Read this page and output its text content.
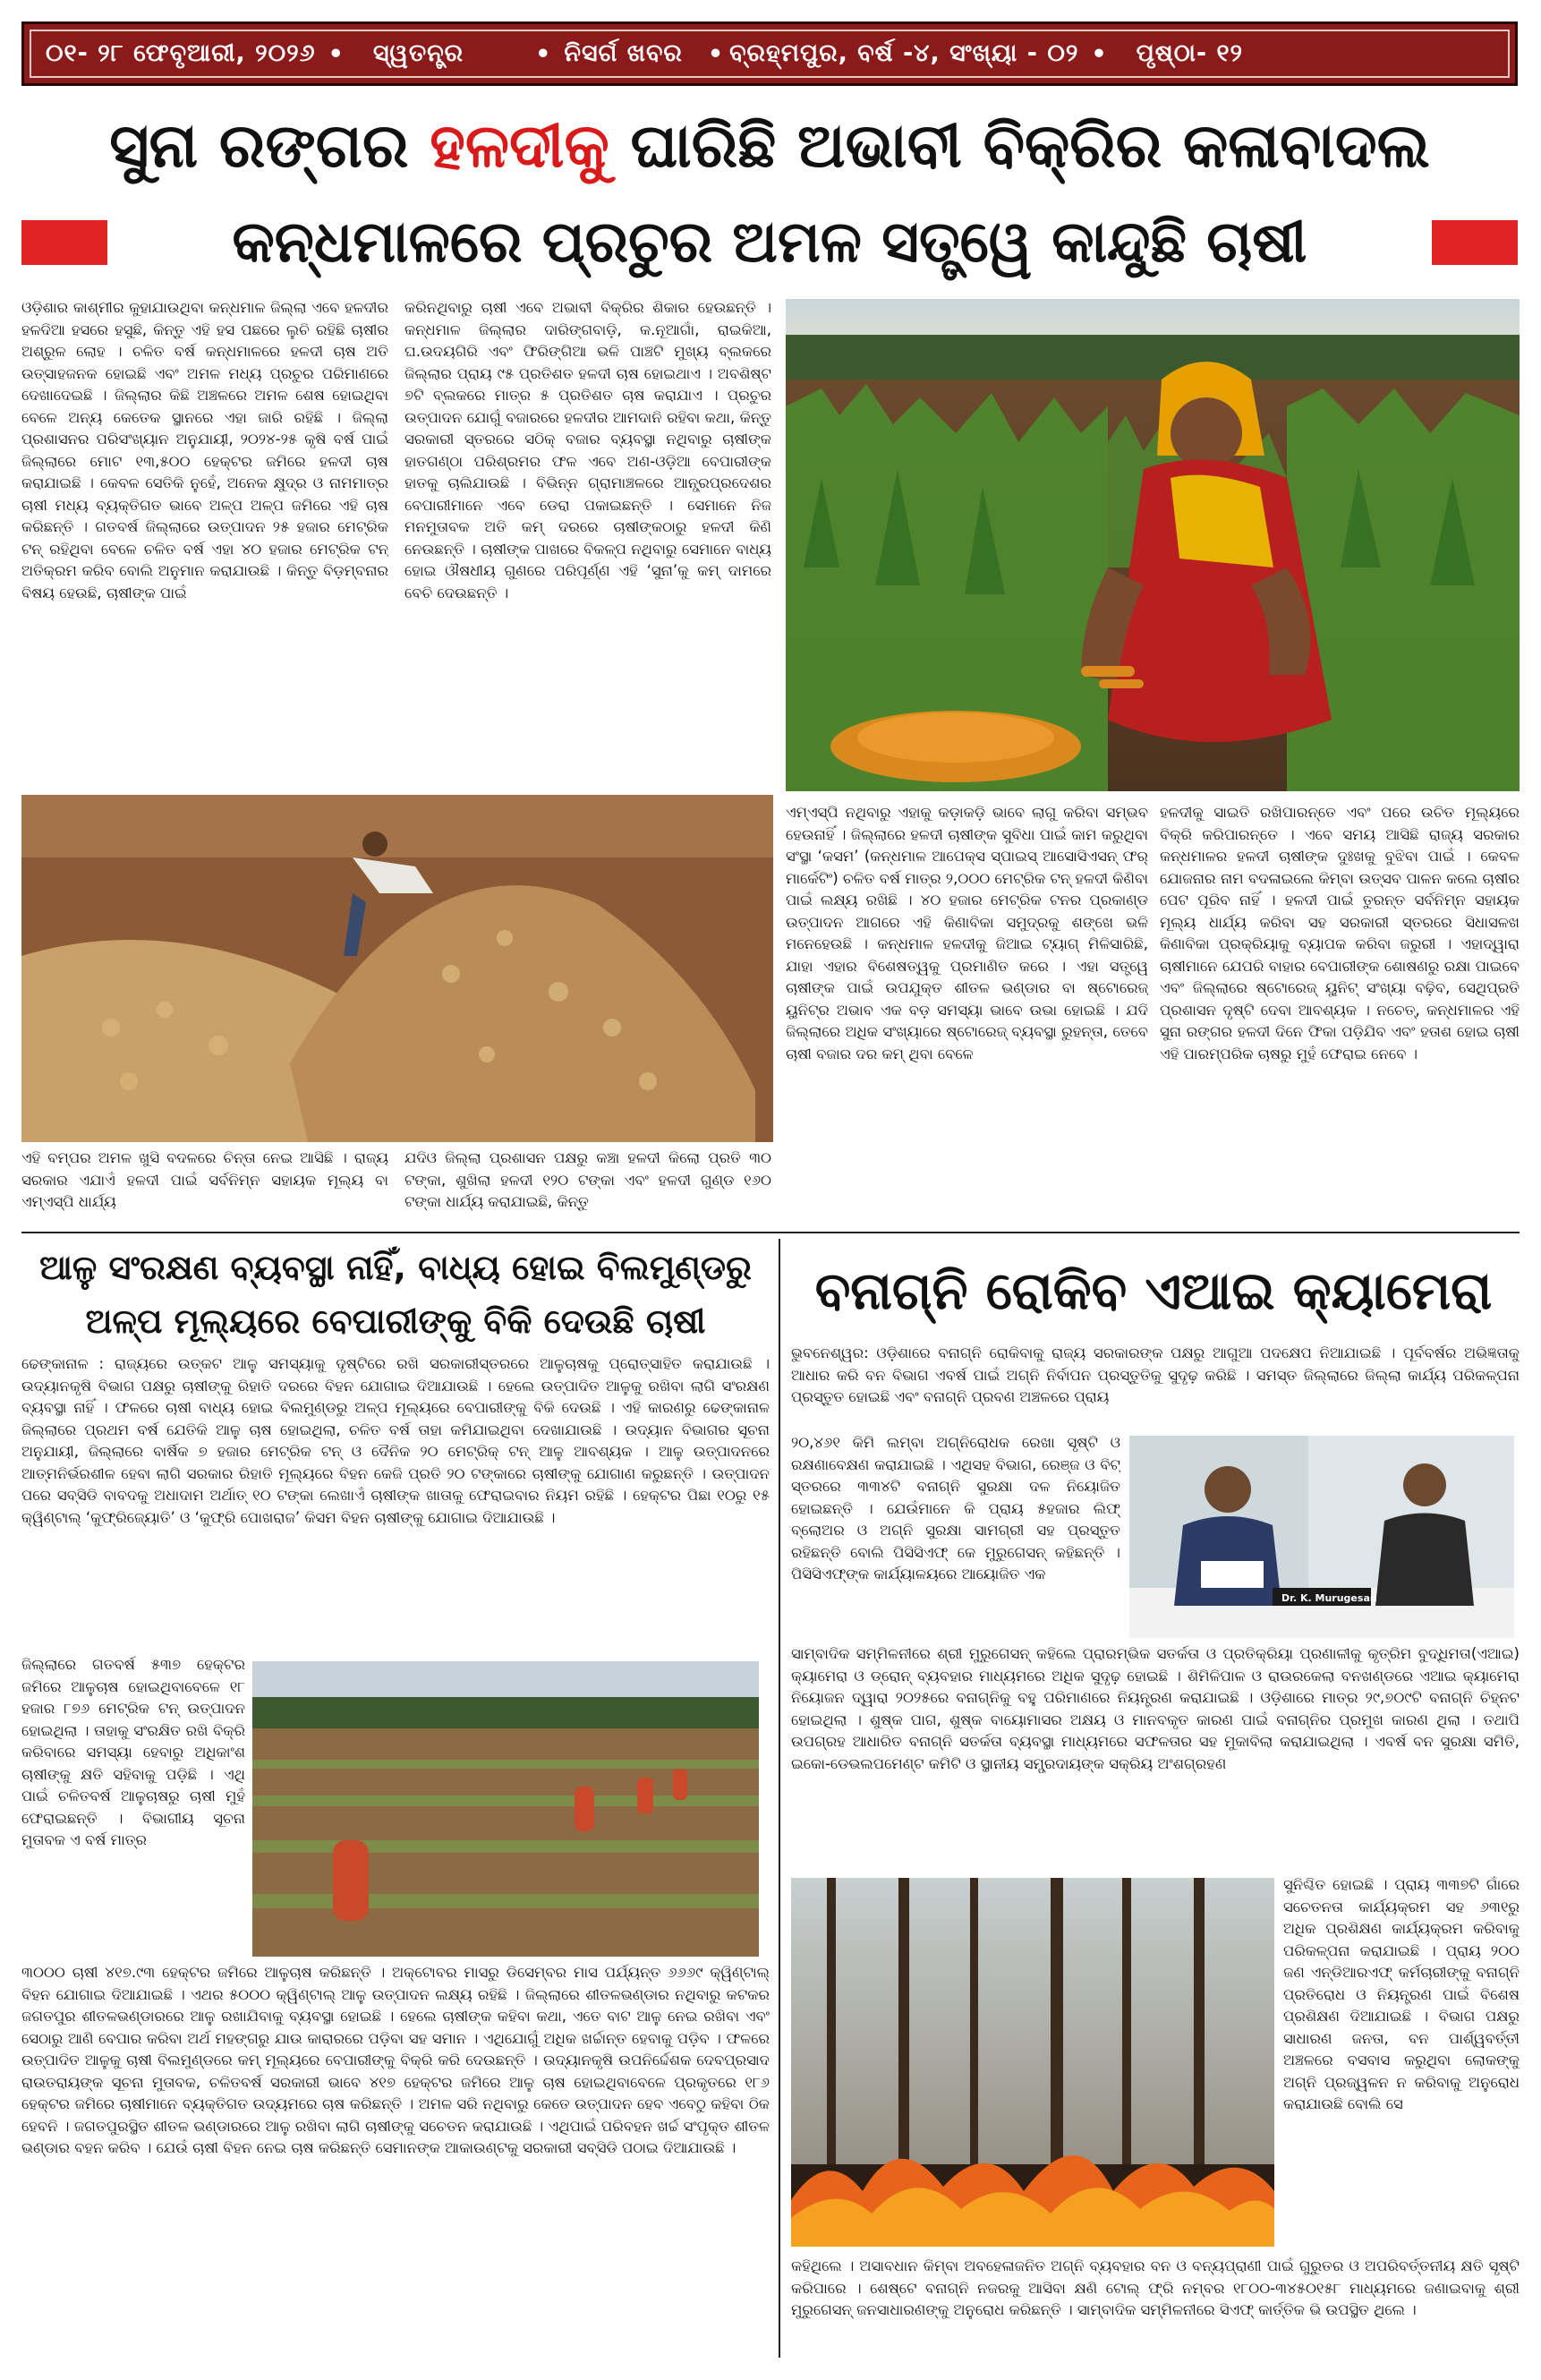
୦୧- ୨୮ ଫେବୃଆରୀ, ୨୦୨୬ • ସ୍ୱତନ୍ତ୍ର	• ନିସର୍ଗ ଖବର • ବ୍ରହ୍ମପୁର, ବର୍ଷ -୪, ସଂଖ୍ୟା - ୦୨ • ପୃଷ୍ଠା- ୧୨
ସୁନା ରଙ୍ଗର ହଳଦୀକୁ ଘାରିଛି ଅଭାବୀ ବିକ୍ରିର କଳାବାଦଲ
କନ୍ଧମାଳରେ ପ୍ରଚୁର ଅମଳ ସତ୍ତ୍ୱେ କାନ୍ଦୁଛି ଚାଷୀ
ଓଡ଼ିଶାର କାଶ୍ମୀର କୁହାଯାଉଥିବା କନ୍ଧମାଳ ଜିଲ୍ଲା ଏବେ ହଳଦୀର ହଳଦିଆ ହସରେ ହସୁଛି, କିନ୍ତୁ ଏହି ହସ ପଛରେ ଲୁଚି ରହିଛି ଚାଷୀର ଅଶ୍ରୁଳ ଲୋହ । ଚଳିତ ବର୍ଷ କନ୍ଧମାଳରେ ହଳଦୀ ଚାଷ ଅତି ଉତ୍ସାହଜନକ ହୋଇଛି ଏବଂ ଅମଳ ମଧ୍ୟ ପ୍ରଚୁର ପରିମାଣରେ ଦେଖାଦେଇଛି । ଜିଲ୍ଲାର କିଛି ଅଞ୍ଚଳରେ ଅମଳ ଶେଷ ହୋଇଥିବା ବେଳେ ଅନ୍ୟ କେତେକ ସ୍ଥାନରେ ଏହା ଜାରି ରହିଛି । ଜିଲ୍ଲା ପ୍ରଶାସନର ପରିସଂଖ୍ୟାନ ଅନୁଯାୟୀ, ୨୦୨୪-୨୫ କୃଷି ବର୍ଷ ପାଇଁ ଜିଲ୍ଲାରେ ମୋଟ ୧୩,୫୦୦ ହେକ୍ଟର ଜମିରେ ହଳଦୀ ଚାଷ କରାଯାଇଛି । କେବଳ ସେତିକି ନୁହେଁ, ଅନେକ କ୍ଷୁଦ୍ର ଓ ନାମମାତ୍ର ଚାଷୀ ମଧ୍ୟ ବ୍ୟକ୍ତିଗତ ଭାବେ ଅଳ୍ପ ଅଳ୍ପ ଜମିରେ ଏହି ଚାଷ କରିଛନ୍ତି । ଗତବର୍ଷ ଜିଲ୍ଲାରେ ଉତ୍ପାଦନ ୨୫ ହଜାର ମେଟ୍ରିକ ଟନ୍ ରହିଥିବା ବେଳେ ଚଳିତ ବର୍ଷ ଏହା ୪୦ ହଜାର ମେଟ୍ରିକ ଟନ୍ ଅତିକ୍ରମ କରିବ ବୋଲି ଅନୁମାନ କରାଯାଉଛି । କିନ୍ତୁ ବିଡ଼ମ୍ବନାର ବିଷୟ ହେଉଛି, ଚାଷୀଙ୍କ ପାଇଁ
କରିନଥିବାରୁ ଚାଷୀ ଏବେ ଅଭାବୀ ବିକ୍ରିର ଶିକାର ହେଉଛନ୍ତି । କନ୍ଧମାଳ ଜିଲ୍ଲାର ଦାରିଙ୍ଗବାଡ଼ି, କ.ନୂଆଗାଁ, ରାଇକିଆ, ଘ.ଉଦୟଗିରି ଏବଂ ଫିରିଙ୍ଗିଆ ଭଳି ପାଞ୍ଚଟି ମୁଖ୍ୟ ବ୍ଲକରେ ଜିଲ୍ଲାର ପ୍ରାୟ ୯୫ ପ୍ରତିଶତ ହଳଦୀ ଚାଷ ହୋଇଥାଏ । ଅବଶିଷ୍ଟ ୭ଟି ବ୍ଲକରେ ମାତ୍ର ୫ ପ୍ରତିଶତ ଚାଷ କରାଯାଏ । ପ୍ରଚୁର ଉତ୍ପାଦନ ଯୋଗୁଁ ବଜାରରେ ହଳଦୀର ଆମଦାନି ରହିବା କଥା, କିନ୍ତୁ ସରକାରୀ ସ୍ତରରେ ସଠିକ୍ ବଜାର ବ୍ୟବସ୍ଥା ନଥିବାରୁ ଚାଷୀଙ୍କ ହାତଗଣ୍ଠା ପରିଶ୍ରମର ଫଳ ଏବେ ଅଣ-ଓଡ଼ିଆ ବେପାରୀଙ୍କ ହାତକୁ ଚାଲିଯାଉଛି । ବିଭିନ୍ନ ଗ୍ରାମାଞ୍ଚଳରେ ଆନ୍ଧ୍ରପ୍ରଦେଶର ବେପାରୀମାନେ ଏବେ ଡେରା ପକାଇଛନ୍ତି । ସେମାନେ ନିଜ ମନମୁତାବକ ଅତି କମ୍ ଦରରେ ଚାଷୀଙ୍କଠାରୁ ହଳଦୀ କିଣି ନେଉଛନ୍ତି । ଚାଷୀଙ୍କ ପାଖରେ ବିକଳ୍ପ ନଥିବାରୁ ସେମାନେ ବାଧ୍ୟ ହୋଇ ଔଷଧୀୟ ଗୁଣରେ ପରିପୂର୍ଣ୍ଣ ଏହି ‘ସୁନା’କୁ କମ୍ ଦାମରେ ବେଚି ଦେଉଛନ୍ତି ।
ଏହି ବମ୍ପର ଅମଳ ଖୁସି ବଦଳରେ ଚିନ୍ତା ନେଇ ଆସିଛି । ରାଜ୍ୟ ସରକାର ଏଯାଏଁ ହଳଦୀ ପାଇଁ ସର୍ବନିମ୍ନ ସହାୟକ ମୂଲ୍ୟ ବା ଏମ୍ଏସ୍ପି ଧାର୍ଯ୍ୟ
ଯଦିଓ ଜିଲ୍ଲା ପ୍ରଶାସନ ପକ୍ଷରୁ କଞ୍ଚା ହଳଦୀ କିଲୋ ପ୍ରତି ୩୦ ଟଙ୍କା, ଶୁଖିଲା ହଳଦୀ ୧୨୦ ଟଙ୍କା ଏବଂ ହଳଦୀ ଗୁଣ୍ଡ ୧୬୦ ଟଙ୍କା ଧାର୍ଯ୍ୟ କରାଯାଇଛି, କିନ୍ତୁ
ଏମ୍ଏସ୍ପି ନଥିବାରୁ ଏହାକୁ କଡ଼ାକଡ଼ି ଭାବେ ଲାଗୁ କରିବା ସମ୍ଭବ ହେଉନାହିଁ । ଜିଲ୍ଲାରେ ହଳଦୀ ଚାଷୀଙ୍କ ସୁବିଧା ପାଇଁ କାମ କରୁଥିବା ସଂସ୍ଥା ‘କସମ’ (କନ୍ଧମାଳ ଆପେକ୍ସ ସ୍ପାଇସ୍ ଆସୋସିଏସନ୍ ଫର୍ ମାର୍କେଟିଂ) ଚଳିତ ବର୍ଷ ମାତ୍ର ୨,୦୦୦ ମେଟ୍ରିକ ଟନ୍ ହଳଦୀ କିଣିବା ପାଇଁ ଲକ୍ଷ୍ୟ ରଖିଛି । ୪୦ ହଜାର ମେଟ୍ରିକ ଟନର ପ୍ରକାଣ୍ଡ ଉତ୍ପାଦନ ଆଗରେ ଏହି କିଣାବିକା ସମୁଦ୍ରକୁ ଶଙ୍ଖେ ଭଳି ମନେହେଉଛି । କନ୍ଧମାଳ ହଳଦୀକୁ ଜିଆଇ ଟ୍ୟାଗ୍ ମିଳିସାରିଛି, ଯାହା ଏହାର ବିଶେଷତ୍ୱକୁ ପ୍ରମାଣିତ କରେ । ଏହା ସତ୍ତ୍ୱେ ଚାଷୀଙ୍କ ପାଇଁ ଉପଯୁକ୍ତ ଶୀତଳ ଭଣ୍ଡାର ବା ଷ୍ଟୋରେଜ୍ ୟୁନିଟ୍ର ଅଭାବ ଏକ ବଡ଼ ସମସ୍ୟା ଭାବେ ଉଭା ହୋଇଛି । ଯଦି ଜିଲ୍ଲାରେ ଅଧିକ ସଂଖ୍ୟାରେ ଷ୍ଟୋରେଜ୍ ବ୍ୟବସ୍ଥା ରୁହନ୍ତା, ତେବେ ଚାଷୀ ବଜାର ଦର କମ୍ ଥିବା ବେଳେ
ହଳଦୀକୁ ସାଇତି ରଖିପାରନ୍ତେ ଏବଂ ପରେ ଉଚିତ ମୂଲ୍ୟରେ ବିକ୍ରି କରିପାରନ୍ତେ । ଏବେ ସମୟ ଆସିଛି ରାଜ୍ୟ ସରକାର କନ୍ଧମାଳର ହଳଦୀ ଚାଷୀଙ୍କ ଦୁଃଖକୁ ବୁଝିବା ପାଇଁ । କେବଳ ଯୋଜନାର ନାମ ବଦଳାଇଲେ କିମ୍ବା ଉତ୍ସବ ପାଳନ କଲେ ଚାଷୀର ପେଟ ପୂରିବ ନାହିଁ । ହଳଦୀ ପାଇଁ ତୁରନ୍ତ ସର୍ବନିମ୍ନ ସହାୟକ ମୂଲ୍ୟ ଧାର୍ଯ୍ୟ କରିବା ସହ ସରକାରୀ ସ୍ତରରେ ସିଧାସଳଖ କିଣାବିକା ପ୍ରକ୍ରିୟାକୁ ବ୍ୟାପକ କରିବା ଜରୁରୀ । ଏହାଦ୍ୱାରା ଚାଷୀମାନେ ଯେପରି ବାହାର ବେପାରୀଙ୍କ ଶୋଷଣରୁ ରକ୍ଷା ପାଇବେ ଏବଂ ଜିଲ୍ଲାରେ ଷ୍ଟୋରେଜ୍ ୟୁନିଟ୍ ସଂଖ୍ୟା ବଢ଼ିବ, ସେଥିପ୍ରତି ପ୍ରଶାସନ ଦୃଷ୍ଟି ଦେବା ଆବଶ୍ୟକ । ନଚେତ୍, କନ୍ଧମାଳର ଏହି ସୁନା ରଙ୍ଗର ହଳଦୀ ଦିନେ ଫିକା ପଡ଼ିଯିବ ଏବଂ ହତାଶ ହୋଇ ଚାଷୀ ଏହି ପାରମ୍ପରିକ ଚାଷରୁ ମୁହଁ ଫେରାଇ ନେବେ ।
ଆଳୁ ସଂରକ୍ଷଣ ବ୍ୟବସ୍ଥା ନାହିଁ, ବାଧ୍ୟ ହୋଇ ବିଲମୁଣ୍ଡରୁ
ଅଳ୍ପ ମୂଲ୍ୟରେ ବେପାରୀଙ୍କୁ ବିକି ଦେଉଛି ଚାଷୀ
ଢେଙ୍କାନାଳ : ରାଜ୍ୟରେ ଉତ୍କଟ ଆଳୁ ସମସ୍ୟାକୁ ଦୃଷ୍ଟିରେ ରଖି ସରକାରୀସ୍ତରରେ ଆଳୁଚାଷକୁ ପ୍ରୋତ୍ସାହିତ କରାଯାଉଛି । ଉଦ୍ୟାନକୃଷି ବିଭାଗ ପକ୍ଷରୁ ଚାଷୀଙ୍କୁ ରିହାତି ଦରରେ ବିହନ ଯୋଗାଇ ଦିଆଯାଉଛି । ହେଲେ ଉତ୍ପାଦିତ ଆଳୁକୁ ରଖିବା ଲାଗି ସଂରକ୍ଷଣ ବ୍ୟବସ୍ଥା ନାହିଁ । ଫଳରେ ଚାଷୀ ବାଧ୍ୟ ହୋଇ ବିଲମୁଣ୍ଡରୁ ଅଳ୍ପ ମୂଲ୍ୟରେ ବେପାରୀଙ୍କୁ ବିକି ଦେଉଛି । ଏହି କାରଣରୁ ଢେଙ୍କାନାଳ ଜିଲ୍ଲାରେ ପ୍ରଥମ ବର୍ଷ ଯେତିକି ଆଳୁ ଚାଷ ହୋଇଥିଲା, ଚଳିତ ବର୍ଷ ତାହା କମିଯାଇଥିବା ଦେଖାଯାଉଛି । ଉଦ୍ୟାନ ବିଭାଗର ସୂଚନା ଅନୁଯାୟୀ, ଜିଲ୍ଲାରେ ବାର୍ଷିକ ୭ ହଜାର ମେଟ୍ରିକ ଟନ୍ ଓ ଦୈନିକ ୨୦ ମେଟ୍ରିକ୍ ଟନ୍ ଆଳୁ ଆବଶ୍ୟକ । ଆଳୁ ଉତ୍ପାଦନରେ ଆତ୍ମନିର୍ଭରଶୀଳ ହେବା ଲାଗି ସରକାର ରିହାତି ମୂଲ୍ୟରେ ବିହନ କେଜି ପ୍ରତି ୨୦ ଟଙ୍କାରେ ଚାଷୀଙ୍କୁ ଯୋଗାଣ କରୁଛନ୍ତି । ଉତ୍ପାଦନ ପରେ ସବ୍ସିଡି ବାବଦକୁ ଅଧାଦାମ ଅର୍ଥାତ୍ ୧୦ ଟଙ୍କା ଲେଖାଏଁ ଚାଷୀଙ୍କ ଖାତାକୁ ଫେରାଇବାର ନିୟମ ରହିଛି । ହେକ୍ଟର ପିଛା ୧୦ରୁ ୧୫ କ୍ୱିଣ୍ଟାଲ୍ ‘କୁଫ୍ରିଜ୍ୟୋତି’ ଓ ‘କୁଫ୍ରି ପୋଖରାଜ’ କିସମ ବିହନ ଚାଷୀଙ୍କୁ ଯୋଗାଇ ଦିଆଯାଉଛି ।
ଜିଲ୍ଲାରେ ଗତବର୍ଷ ୫୩୭ ହେକ୍ଟର ଜମିରେ ଆଳୁଚାଷ ହୋଇଥିବାବେଳେ ୧୮ ହଜାର ୮୭୬ ମେଟ୍ରିକ ଟନ୍ ଉତ୍ପାଦନ ହୋଇଥିଲା । ତାହାକୁ ସଂରକ୍ଷିତ ରଖି ବିକ୍ରି କରିବାରେ ସମସ୍ୟା ହେବାରୁ ଅଧିକାଂଶ ଚାଷୀଙ୍କୁ କ୍ଷତି ସହିବାକୁ ପଡ଼ିଛି । ଏଥି ପାଇଁ ଚଳିତବର୍ଷ ଆଳୁଚାଷରୁ ଚାଷୀ ମୁହଁ ଫେରାଇଛନ୍ତି । ବିଭାଗୀୟ ସୂଚନା ମୁତାବକ ଏ ବର୍ଷ ମାତ୍ର
୩୦୦୦ ଚାଷୀ ୪୧୭.୯୩ ହେକ୍ଟର ଜମିରେ ଆଳୁଚାଷ କରିଛନ୍ତି । ଅକ୍ଟୋବର ମାସରୁ ଡିସେମ୍ବର ମାସ ପର୍ଯ୍ୟନ୍ତ ୬୬୬୯ କ୍ୱିଣ୍ଟାଲ୍ ବିହନ ଯୋଗାଇ ଦିଆଯାଇଛି । ଏଥର ୫୦୦୦ କ୍ୱିଣ୍ଟାଲ୍ ଆଳୁ ଉତ୍ପାଦନ ଲକ୍ଷ୍ୟ ରହିଛି । ଜିଲ୍ଲାରେ ଶୀତଳଭଣ୍ଡାର ନଥିବାରୁ କଟକର ଜଗତପୁର ଶୀତଳଭଣ୍ଡାରରେ ଆଳୁ ରଖାଯିବାକୁ ବ୍ୟବସ୍ଥା ହୋଇଛି । ହେଲେ ଚାଷୀଙ୍କ କହିବା କଥା, ଏତେ ବାଟ ଆଳୁ ନେଇ ରଖିବା ଏବଂ ସେଠାରୁ ଆଣି ବେପାର କରିବା ଅର୍ଥ ମହଙ୍ଗରୁ ଯାଉ କାରାରରେ ପଡ଼ିବା ସହ ସମାନ । ଏଥିଯୋଗୁଁ ଅଧିକ ଖର୍ଚ୍ଚାନ୍ତ ହେବାକୁ ପଡ଼ିବ । ଫଳରେ ଉତ୍ପାଦିତ ଆଳୁକୁ ଚାଷୀ ବିଲମୁଣ୍ଡରେ କମ୍ ମୂଲ୍ୟରେ ବେପାରୀଙ୍କୁ ବିକ୍ରି କରି ଦେଉଛନ୍ତି । ଉଦ୍ୟାନକୃଷି ଉପନିର୍ଦ୍ଦେଶକ ଦେବପ୍ରସାଦ ରାଉତରାୟଙ୍କ ସୂଚନା ମୁତାବକ, ଚଳିତବର୍ଷ ସରକାରୀ ଭାବେ ୪୧୭ ହେକ୍ଟର ଜମିରେ ଆଳୁ ଚାଷ ହୋଇଥିବାବେଳେ ପ୍ରକୃତରେ ୧୮୬ ହେକ୍ଟର ଜମିରେ ଚାଷୀମାନେ ବ୍ୟକ୍ତିଗତ ଉଦ୍ୟମରେ ଚାଷ କରିଛନ୍ତି । ଅମଳ ସରି ନଥିବାରୁ କେତେ ଉତ୍ପାଦନ ହେବ ଏବେଠୁ କହିବା ଠିକ ହେବନି । ଜଗତପୁରସ୍ଥିତ ଶୀତଳ ଭଣ୍ଡାରରେ ଆଳୁ ରଖିବା ଲାଗି ଚାଷୀଙ୍କୁ ସଚେତନ କରାଯାଉଛି । ଏଥିପାଇଁ ପରିବହନ ଖର୍ଚ୍ଚ ସଂପୃକ୍ତ ଶୀତଳ ଭଣ୍ଡାର ବହନ କରିବ । ଯେଉଁ ଚାଷୀ ବିହନ ନେଇ ଚାଷ କରିଛନ୍ତି ସେମାନଙ୍କ ଆକାଉଣ୍ଟକୁ ସରକାରୀ ସବ୍ସିଡି ପଠାଇ ଦିଆଯାଉଛି ।
ବନାଗ୍ନି ରୋକିବ ଏଆଇ କ୍ୟାମେରା
ଭୁବନେଶ୍ୱର: ଓଡ଼ିଶାରେ ବନାଗ୍ନି ରୋକିବାକୁ ରାଜ୍ୟ ସରକାରଙ୍କ ପକ୍ଷରୁ ଆଗୁଆ ପଦକ୍ଷେପ ନିଆଯାଇଛି । ପୂର୍ବବର୍ଷର ଅଭିଜ୍ଞତାକୁ ଆଧାର କରି ବନ ବିଭାଗ ଏବର୍ଷ ପାଇଁ ଅଗ୍ନି ନିର୍ବାପନ ପ୍ରସ୍ତୁତିକୁ ସୁଦୃଢ଼ କରିଛି । ସମସ୍ତ ଜିଲ୍ଲାରେ ଜିଲ୍ଲା କାର୍ଯ୍ୟ ପରିକଳ୍ପନା ପ୍ରସ୍ତୁତ ହୋଇଛି ଏବଂ ବନାଗ୍ନି ପ୍ରବଣ ଅଞ୍ଚଳରେ ପ୍ରାୟ
୨୦,୪୬୧ କିମି ଲମ୍ବା ଅଗ୍ନିରୋଧକ ରେଖା ସୃଷ୍ଟି ଓ ରକ୍ଷଣାବେକ୍ଷଣ କରାଯାଇଛି । ଏଥିସହ ବିଭାଗ, ରେଞ୍ଜ ଓ ବିଟ୍ ସ୍ତରରେ ୩୩୪ଟି ବନାଗ୍ନି ସୁରକ୍ଷା ଦଳ ନିୟୋଜିତ ହୋଇଛନ୍ତି । ଯେଉଁମାନେ କି ପ୍ରାୟ ୫ହଜାର ଲିଫ୍ ବ୍ଲୋଅର ଓ ଅଗ୍ନି ସୁରକ୍ଷା ସାମଗ୍ରୀ ସହ ପ୍ରସ୍ତୁତ ରହିଛନ୍ତି ବୋଲି ପିସିସିଏଫ୍ କେ ମୁରୁଗେସନ୍ କହିଛନ୍ତି । ପିସିସିଏଫ୍ଙ୍କ କାର୍ଯ୍ୟାଳୟରେ ଆୟୋଜିତ ଏକ
Dr. K. Murugesan
ସାମ୍ବାଦିକ ସମ୍ମିଳନୀରେ ଶ୍ରୀ ମୁରୁଗେସନ୍ କହିଲେ ପ୍ରାରମ୍ଭିକ ସତର୍କତା ଓ ପ୍ରତିକ୍ରିୟା ପ୍ରଣାଳୀକୁ କୃତ୍ରିମ ବୁଦ୍ଧିମତା(ଏଆଇ) କ୍ୟାମେରା ଓ ଡ୍ରୋନ୍ ବ୍ୟବହାର ମାଧ୍ୟମରେ ଅଧିକ ସୁଦୃଢ଼ ହୋଇଛି । ଶିମିଳିପାଳ ଓ ରାଉରକେଲା ବନଖଣ୍ଡରେ ଏଆଇ କ୍ୟାମେରା ନିୟୋଜନ ଦ୍ୱାରା ୨୦୨୫ରେ ବନାଗ୍ନିକୁ ବହୁ ପରିମାଣରେ ନିୟନ୍ତ୍ରଣ କରାଯାଇଛି । ଓଡ଼ିଶାରେ ମାତ୍ର ୨୯,୭୦୯ଟି ବନାଗ୍ନି ଚିହ୍ନଟ ହୋଇଥିଲା । ଶୁଷ୍କ ପାଗ, ଶୁଷ୍କ ବାୟୋମାସର ଅକ୍ଷୟ ଓ ମାନବକୃତ କାରଣ ପାଇଁ ବନାଗ୍ନିର ପ୍ରମୁଖ କାରଣ ଥିଲା । ତଥାପି ଉପଗ୍ରହ ଆଧାରିତ ବନାଗ୍ନି ସତର୍କତା ବ୍ୟବସ୍ଥା ମାଧ୍ୟମରେ ସଫଳତାର ସହ ମୁକାବିଲା କରାଯାଇଥିଲା । ଏବର୍ଷ ବନ ସୁରକ୍ଷା ସମିତି, ଇକୋ-ଡେଭଲପମେଣ୍ଟ କମିଟି ଓ ସ୍ଥାନୀୟ ସମ୍ପ୍ରଦାୟଙ୍କ ସକ୍ରିୟ ଅଂଶଗ୍ରହଣ
ସୁନିଶ୍ଚିତ ହୋଇଛି । ପ୍ରାୟ ୩୩୭ଟି ଗାଁରେ ସଚେତନତା କାର୍ଯ୍ୟକ୍ରମ ସହ ୬୩୧ରୁ ଅଧିକ ପ୍ରଶିକ୍ଷଣ କାର୍ଯ୍ୟକ୍ରମ କରିବାକୁ ପରିକଳ୍ପନା କରାଯାଇଛି । ପ୍ରାୟ ୨୦୦ ଜଣ ଏନ୍ଡିଆରଏଫ୍ କର୍ମଚାରୀଙ୍କୁ ବନାଗ୍ନି ପ୍ରତିରୋଧ ଓ ନିୟନ୍ତ୍ରଣ ପାଇଁ ବିଶେଷ ପ୍ରଶିକ୍ଷଣ ଦିଆଯାଇଛି । ବିଭାଗ ପକ୍ଷରୁ ସାଧାରଣ ଜନତା, ବନ ପାର୍ଶ୍ୱବର୍ତ୍ତୀ ଅଞ୍ଚଳରେ ବସବାସ କରୁଥିବା ଲୋକଙ୍କୁ ଅଗ୍ନି ପ୍ରଜ୍ୱଳନ ନ କରିବାକୁ ଅନୁରୋଧ କରାଯାଉଛି ବୋଲି ସେ
କହିଥିଲେ । ଅସାବଧାନ କିମ୍ବା ଅବହେଳାଜନିତ ଅଗ୍ନି ବ୍ୟବହାର ବନ ଓ ବନ୍ୟପ୍ରାଣୀ ପାଇଁ ଗୁରୁତର ଓ ଅପରିବର୍ତ୍ତନୀୟ କ୍ଷତି ସୃଷ୍ଟି କରିପାରେ । ଶେଷ୍ଟେ ବନାଗ୍ନି ନଜରକୁ ଆସିବା କ୍ଷଣି ଟୋଲ୍ ଫ୍ରି ନମ୍ବର ୧୮୦୦-୩୪୫୦୧୫୮ ମାଧ୍ୟମରେ ଜଣାଇବାକୁ ଶ୍ରୀ ମୁରୁଗେସନ୍ ଜନସାଧାରଣଙ୍କୁ ଅନୁରୋଧ କରିଛନ୍ତି । ସାମ୍ବାଦିକ ସମ୍ମିଳନୀରେ ସିଏଫ୍ କାର୍ତ୍ତିକ ଭି ଉପସ୍ଥିତ ଥିଲେ ।
